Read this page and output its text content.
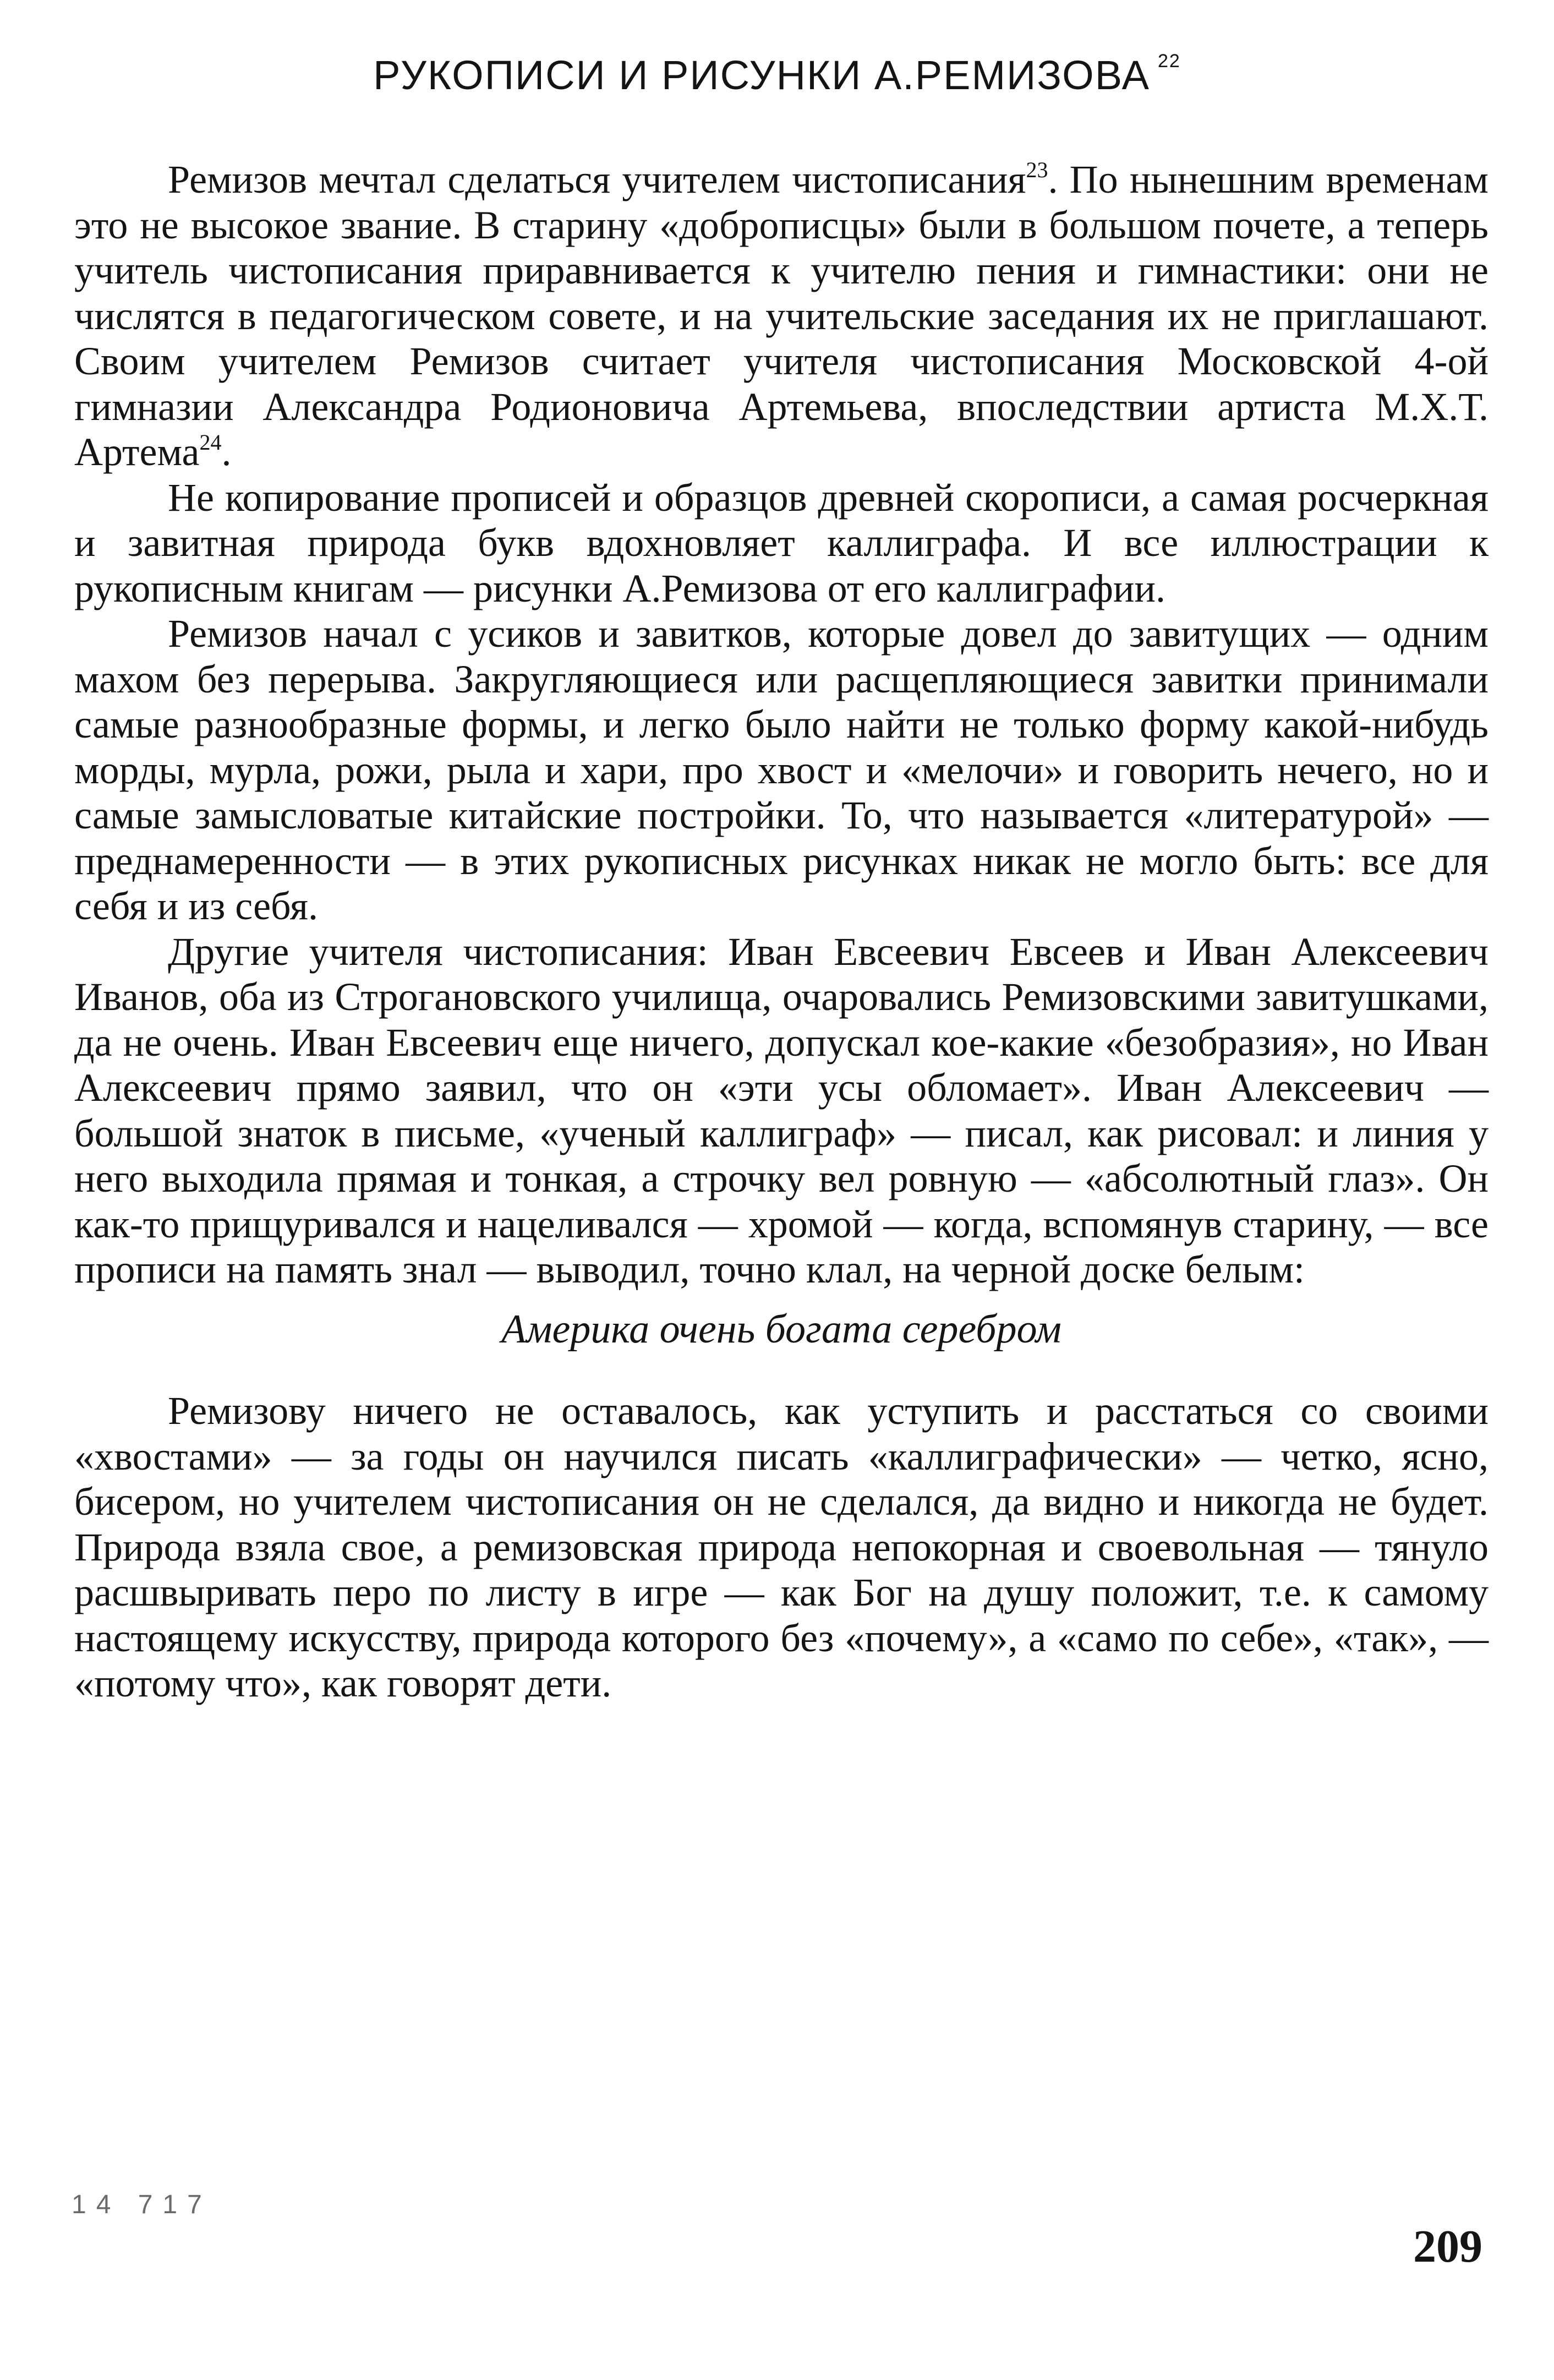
РУКОПИСИ И РИСУНКИ А.РЕМИЗОВА $^{22}$

Ремизов мечтал сделаться учителем чистописания$^{23}$. По нынешним временам это не высокое звание. В старину «доброписцы» были в большом почете, а теперь учитель чистописания приравнивается к учителю пения и гимнастики: они не числятся в педагогическом совете, и на учительские заседания их не приглашают. Своим учителем Ремизов считает учителя чистописания Московской 4-ой гимназии Александра Родионовича Артемьева, впоследствии артиста М.Х.Т. Артема$^{24}$.

Не копирование прописей и образцов древней скорописи, а самая росчеркная и завитная природа букв вдохновляет каллиграфа. И все иллюстрации к рукописным книгам — рисунки А.Ремизова от его каллиграфии.

Ремизов начал с усиков и завитков, которые довел до завитущих — одним махом без перерыва. Закругляющиеся или расщепляющиеся завитки принимали самые разнообразные формы, и легко было найти не только форму какой-нибудь морды, мурла, рожи, рыла и хари, про хвост и «мелочи» и говорить нечего, но и самые замысловатые китайские постройки. То, что называется «литературой» — преднамеренности — в этих рукописных рисунках никак не могло быть: все для себя и из себя.

Другие учителя чистописания: Иван Евсеевич Евсеев и Иван Алексеевич Иванов, оба из Строгановского училища, очаровались Ремизовскими завитушками, да не очень. Иван Евсеевич еще ничего, допускал кое-какие «безобразия», но Иван Алексеевич прямо заявил, что он «эти усы обломает». Иван Алексеевич — большой знаток в письме, «ученый каллиграф» — писал, как рисовал: и линия у него выходила прямая и тонкая, а строчку вел ровную — «абсолютный глаз». Он как-то прищуривался и нацеливался — хромой — когда, вспомянув старину, — все прописи на память знал — выводил, точно клал, на черной доске белым:

Америка очень богата серебром

Ремизову ничего не оставалось, как уступить и расстаться со своими «хвостами» — за годы он научился писать «каллиграфически» — четко, ясно, бисером, но учителем чистописания он не сделался, да видно и никогда не будет. Природа взяла свое, а ремизовская природа непокорная и своевольная — тянуло расшвыривать перо по листу в игре — как Бог на душу положит, т.е. к самому настоящему искусству, природа которого без «почему», а «само по себе», «так», — «потому что», как говорят дети.

14 717

209
